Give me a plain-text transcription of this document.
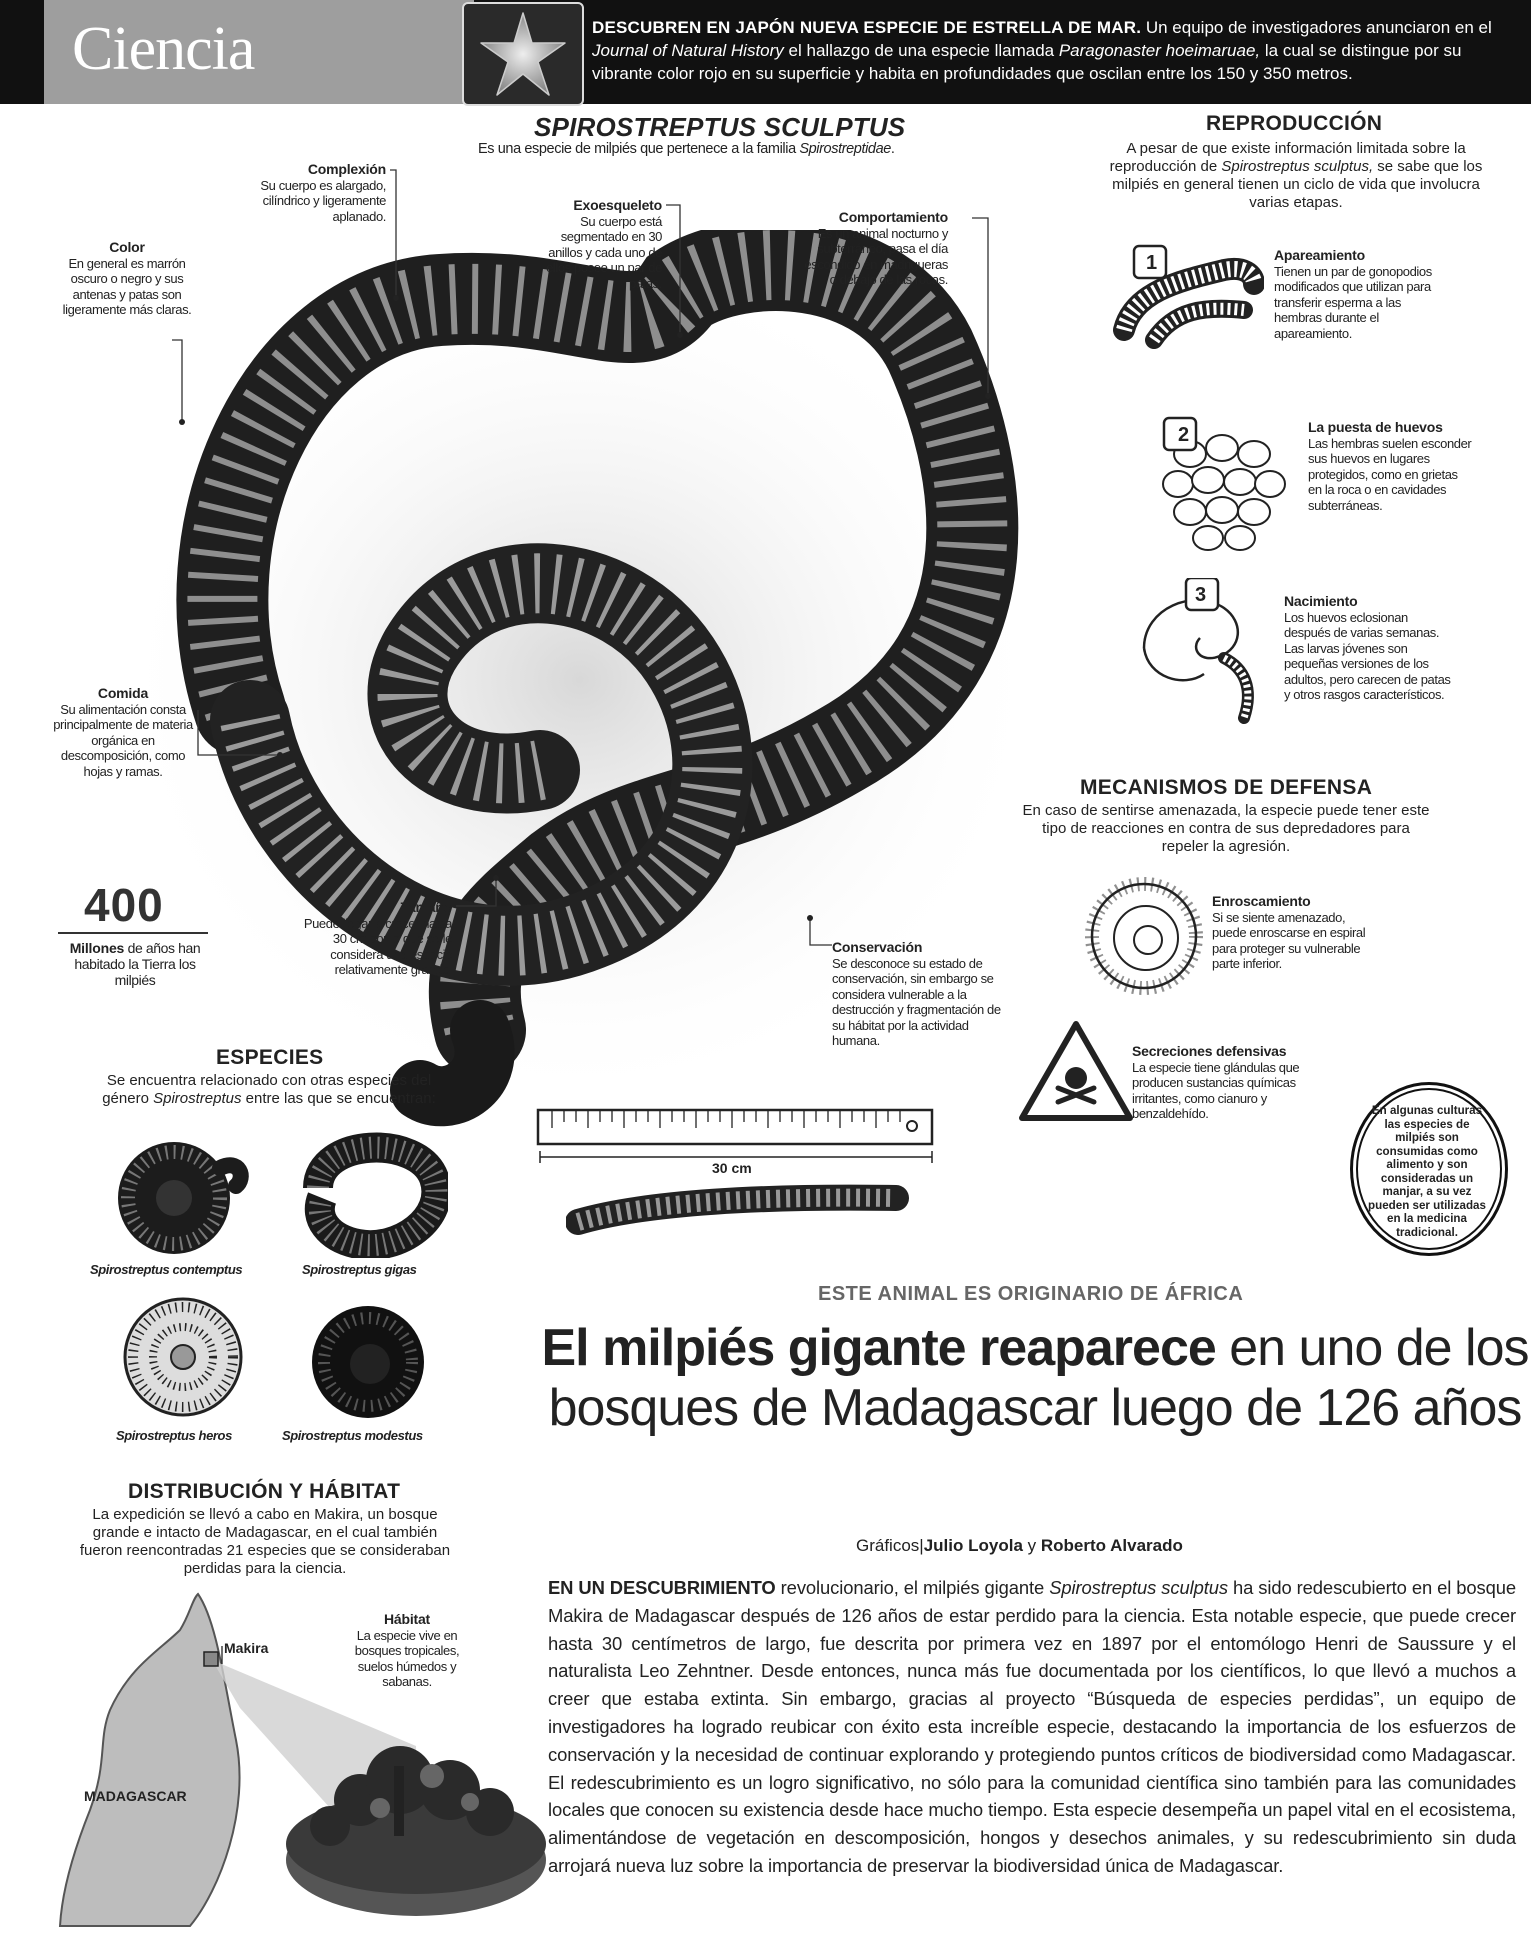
Ciencia	DESCUBREN EN JAPÓN NUEVA ESPECIE DE ESTRELLA DE MAR. Un equipo de investigadores anunciaron en el Journal of Natural History el hallazgo de una especie llamada Paragonaster hoeimaruae, la cual se distingue por su vibrante color rojo en su superficie y habita en profundidades que oscilan entre los 150 y 350 metros.
SPIROSTREPTUS SCULPTUS
Es una especie de milpiés que pertenece a la familia Spirostreptidae.
Complexión
Su cuerpo es alargado, cilíndrico y ligeramente aplanado.
Color
En general es marrón oscuro o negro y sus antenas y patas son ligeramente más claras.
Exoesqueleto
Su cuerpo está segmentado en 30 anillos y cada uno de ellos posee un par de patas.
Comportamiento
Es un animal nocturno y subterráneo, pasa el día escondido en madrigueras o debajo de las rocas.
Comida
Su alimentación consta principalmente de materia orgánica en descomposición, como hojas y ramas.
Tamaño
Puede llegar a crecer hasta 30 cm por lo que se le considera una especie relativamente grande.
Conservación
Se desconoce su estado de conservación, sin embargo se considera vulnerable a la destrucción y fragmentación de su hábitat por la actividad humana.
400
Millones de años han habitado la Tierra los milpiés
REPRODUCCIÓN
A pesar de que existe información limitada sobre la reproducción de Spirostreptus sculptus, se sabe que los milpiés en general tienen un ciclo de vida que involucra varias etapas.
1	Apareamiento
Tienen un par de gonopodios modificados que utilizan para transferir esperma a las hembras durante el apareamiento.
2	La puesta de huevos
Las hembras suelen esconder sus huevos en lugares protegidos, como en grietas en la roca o en cavidades subterráneas.
3	Nacimiento
Los huevos eclosionan después de varias semanas. Las larvas jóvenes son pequeñas versiones de los adultos, pero carecen de patas y otros rasgos característicos.
MECANISMOS DE DEFENSA
En caso de sentirse amenazada, la especie puede tener este tipo de reacciones en contra de sus depredadores para repeler la agresión.
Enroscamiento
Si se siente amenazado, puede enroscarse en espiral para proteger su vulnerable parte inferior.
Secreciones defensivas
La especie tiene glándulas que producen sustancias químicas irritantes, como cianuro y benzaldehído.	En algunas culturas las especies de milpiés son consumidas como alimento y son consideradas un manjar, a su vez pueden ser utilizadas en la medicina tradicional.
30 cm
ESPECIES
Se encuentra relacionado con otras especies del género Spirostreptus entre las que se encuentran:
Spirostreptus contemptus	Spirostreptus gigas
Spirostreptus heros	Spirostreptus modestus
DISTRIBUCIÓN Y HÁBITAT
La expedición se llevó a cabo en Makira, un bosque grande e intacto de Madagascar, en el cual también fueron reencontradas 21 especies que se consideraban perdidas para la ciencia.
MADAGASCAR
Makira
Hábitat
La especie vive en bosques tropicales, suelos húmedos y sabanas.
ESTE ANIMAL ES ORIGINARIO DE ÁFRICA
El milpiés gigante reaparece en uno de los bosques de Madagascar luego de 126 años
Gráficos|Julio Loyola y Roberto Alvarado
EN UN DESCUBRIMIENTO revolucionario, el milpiés gigante Spirostreptus sculptus ha sido redescubierto en el bosque Makira de Madagascar después de 126 años de estar perdido para la ciencia. Esta notable especie, que puede crecer hasta 30 centímetros de largo, fue descrita por primera vez en 1897 por el entomólogo Henri de Saussure y el naturalista Leo Zehntner. Desde entonces, nunca más fue documentada por los científicos, lo que llevó a muchos a creer que estaba extinta. Sin embargo, gracias al proyecto “Búsqueda de especies perdidas”, un equipo de investigadores ha logrado reubicar con éxito esta increíble especie, destacando la importancia de los esfuerzos de conservación y la necesidad de continuar explorando y protegiendo puntos críticos de biodiversidad como Madagascar. El redescubrimiento es un logro significativo, no sólo para la comunidad científica sino también para las comunidades locales que conocen su existencia desde hace mucho tiempo. Esta especie desempeña un papel vital en el ecosistema, alimentándose de vegetación en descomposición, hongos y desechos animales, y su redescubrimiento sin duda arrojará nueva luz sobre la importancia de preservar la biodiversidad única de Madagascar.
